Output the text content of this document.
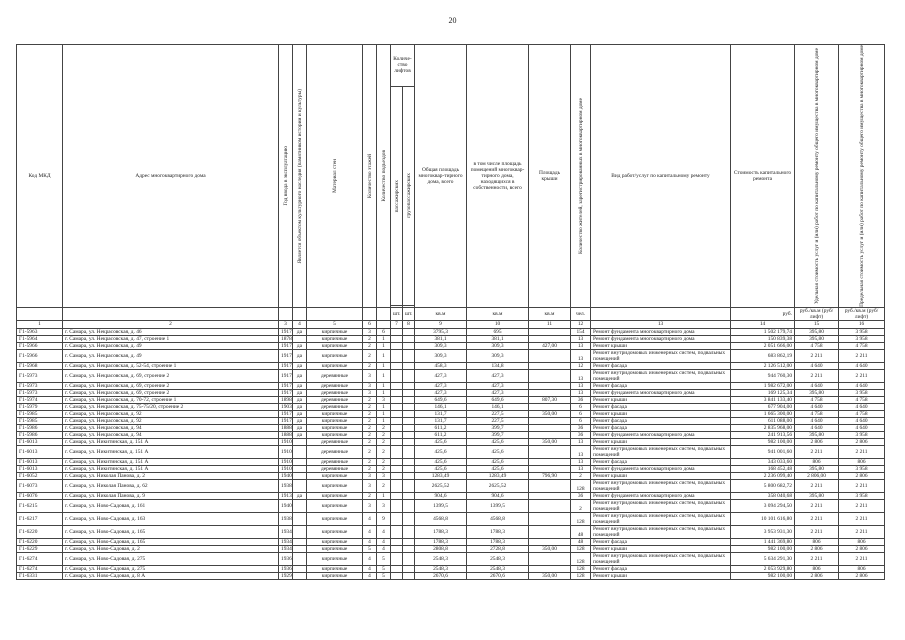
20
Код МКД	Адрес многоквартирного дома	Год ввода в эксплуатацию	Является объектом культурного наследия (памятником истории и культуры)	Материал стен	Количество этажей	Количество подъездов	Количе-ство лифтов		Общая площадь многоквар-тирного дома, всего	в том числе площадь помещений многоквар-тирного дома, находящихся в собственности, всего	Площадь крыши	Количество жителей, зарегистрированных в многоквартирном доме	Вид работ/услуг по капитальному ремонту	Стоимость капитального ремонта	Удельная стоимость услуг и (или) работ по капитальному ремонту общего имущества в многоквартирном доме	Предельная стоимость услуг и (или) работ по капитальному ремонту общего имущества в многоквартирном доме

							пассажирских	грузопассажирских								

							шт.	шт.	кв.м	кв.м	кв.м	чел.		руб.	руб./кв.м (руб/лифт)	руб./кв.м (руб/лифт)
1	2	3	4	5	6		7	8	9	10	11	12	13	14	15	16
Г1-5963	г. Самара, ул. Некрасовская, д. 46	1917	да	кирпичные	3	6			3795,3	695		154	Ремонт фундамента многоквартирного дома	1 502 179,74	395,80	3 958
Г1-5964	г. Самара, ул. Некрасовская, д. 47, строение 1	1878		кирпичные	2	1			381,1	381,1		13	Ремонт фундамента многоквартирного дома	150 839,38	395,80	3 958
Г1-5966	г. Самара, ул. Некрасовская, д. 49	1917	да	кирпичные	2	1			309,3	309,3	427,00	13	Ремонт крыши	2 051 666,00	4 758	4 758
Г1-5966	г. Самара, ул. Некрасовская, д. 49	1917	да	кирпичные	2	1			309,3	309,3		13	Ремонт внутридомовых инженерных систем, подвальных помещений	683 862,19	2 211	2 211
Г1-5968	г. Самара, ул. Некрасовская, д. 52-54, строение 1	1917	да	кирпичные	2	1			458,3	134,8		12	Ремонт фасада	2 126 512,00	4 640	4 640
Г1-5973	г. Самара, ул. Некрасовская, д. 69, строение 2	1917	да	деревянные	3	1			427,3	427,3		13	Ремонт внутридомовых инженерных систем, подвальных помещений	944 760,30	2 211	2 211
Г1-5973	г. Самара, ул. Некрасовская, д. 69, строение 2	1917	да	деревянные	3	1			427,3	427,3		13	Ремонт фасада	1 982 672,00	4 640	4 640
Г1-5973	г. Самара, ул. Некрасовская, д. 69, строение 2	1917	да	деревянные	3	1			427,3	427,3		13	Ремонт фундамента многоквартирного дома	169 125,34	395,80	3 958
Г1-5974	г. Самара, ул. Некрасовская, д. 70-72, строение 1	1898	да	деревянные	2	3			649,6	649,6	807,30	36	Ремонт крыши	3 841 133,40	4 758	4 758
Г1-5979	г. Самара, ул. Некрасовская, д. 75-75/20, строение 2	1903	да	деревянные	2	1			146,1	146,1		6	Ремонт фасада	677 904,00	4 640	4 640
Г1-5985	г. Самара, ул. Некрасовская, д. 92	1917	да	кирпичные	2	1			131,7	227,5	350,00	6	Ремонт крыши	1 665 300,00	4 758	4 758
Г1-5985	г. Самара, ул. Некрасовская, д. 92	1917	да	кирпичные	2	1			131,7	227,5		6	Ремонт фасада	611 088,00	4 640	4 640
Г1-5986	г. Самара, ул. Некрасовская, д. 94	1888	да	кирпичные	2	2			611,2	399,7		36	Ремонт фасада	2 835 968,00	4 640	4 640
Г1-5986	г. Самара, ул. Некрасовская, д. 94	1888	да	кирпичные	2	2			611,2	399,7		36	Ремонт фундамента многоквартирного дома	241 913,56	395,80	3 958
Г1-6013	г. Самара, ул. Никитинская, д. 151 А	1910		деревянные	2	2			425,6	425,6	350,00	13	Ремонт крыши	982 100,00	2 806	2 806
Г1-6013	г. Самара, ул. Никитинская, д. 151 А	1910		деревянные	2	2			425,6	425,6		13	Ремонт внутридомовых инженерных систем, подвальных помещений	941 001,60	2 211	2 211
Г1-6013	г. Самара, ул. Никитинская, д. 151 А	1910		деревянные	2	2			425,6	425,6		13	Ремонт фасада	343 033,60	806	806
Г1-6013	г. Самара, ул. Никитинская, д. 151 А	1910		деревянные	2	2			425,6	425,6		13	Ремонт фундамента многоквартирного дома	168 452,48	395,80	3 958
Г1-6052	г. Самара, ул. Николая Панова, д. 2	1940		кирпичные	3	3			1283,49	1283,49	796,90	2	Ремонт крыши	2 236 099,40	2 806,00	2 806
Г1-6073	г. Самара, ул. Николая Панова, д. 62	1938		кирпичные	3	2			2625,52	2625,52		128	Ремонт внутридомовых инженерных систем, подвальных помещений	5 800 682,72	2 211	2 211
Г1-6076	г. Самара, ул. Николая Панова, д. 9	1913	да	кирпичные	2	1			904,6	904,6		36	Ремонт фундамента многоквартирного дома	358 040,68	395,80	3 958
Г1-6215	г. Самара, ул. Ново-Садовая, д. 161	1940		кирпичные	3	3			1399,5	1399,5		2	Ремонт внутридомовых инженерных систем, подвальных помещений	3 094 294,50	2 211	2 211
Г1-6217	г. Самара, ул. Ново-Садовая, д. 163	1938		кирпичные	4	9			4568,8	4568,8		128	Ремонт внутридомовых инженерных систем, подвальных помещений	10 101 616,80	2 211	2 211
Г1-6220	г. Самара, ул. Ново-Садовая, д. 165	1934		кирпичные	4	4			1788,3	1788,3		48	Ремонт внутридомовых инженерных систем, подвальных помещений	3 953 931,30	2 211	2 211
Г1-6220	г. Самара, ул. Ново-Садовая, д. 165	1934		кирпичные	4	4			1788,3	1788,3		48	Ремонт фасада	1 441 369,80	806	806
Г1-6229	г. Самара, ул. Ново-Садовая, д. 2	1934		кирпичные	5	4			2808,8	2728,8	350,00	128	Ремонт крыши	982 100,00	2 806	2 806
Г1-6274	г. Самара, ул. Ново-Садовая, д. 275	1936		кирпичные	4	5			2548,3	2548,3		128	Ремонт внутридомовых инженерных систем, подвальных помещений	5 634 291,30	2 211	2 211
Г1-6274	г. Самара, ул. Ново-Садовая, д. 275	1936		кирпичные	4	5			2548,3	2548,3		128	Ремонт фасада	2 053 929,80	806	806
Г1-6331	г. Самара, ул. Ново-Садовая, д. 8 А	1929		кирпичные	4	5			2670,6	2670,6	350,00	128	Ремонт крыши	982 100,00	2 806	2 806
